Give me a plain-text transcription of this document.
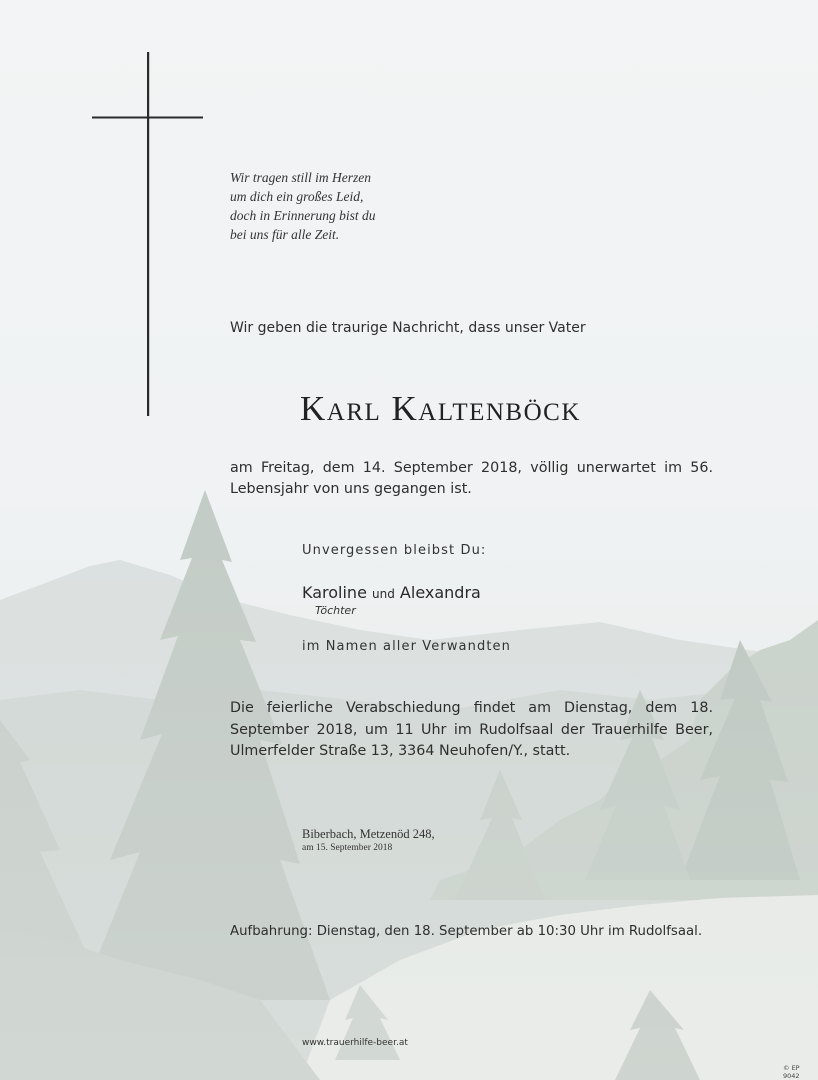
Wir tragen still im Herzen
um dich ein großes Leid,
doch in Erinnerung bist du
bei uns für alle Zeit.
Wir geben die traurige Nachricht, dass unser Vater
Karl Kaltenböck
am Freitag, dem 14. September 2018, völlig unerwartet im 56. Lebensjahr von uns gegangen ist.
Unvergessen bleibst Du:
Karoline und Alexandra
Töchter
im Namen aller Verwandten
Die feierliche Verabschiedung findet am Dienstag, dem 18. September 2018, um 11 Uhr im Rudolfsaal der Trauerhilfe Beer, Ulmerfelder Straße 13, 3364 Neuhofen/Y., statt.
Biberbach, Metzenöd 248,
am 15. September 2018
Aufbahrung: Dienstag, den 18. September ab 10:30 Uhr im Rudolfsaal.
www.trauerhilfe-beer.at
© EP 9042
